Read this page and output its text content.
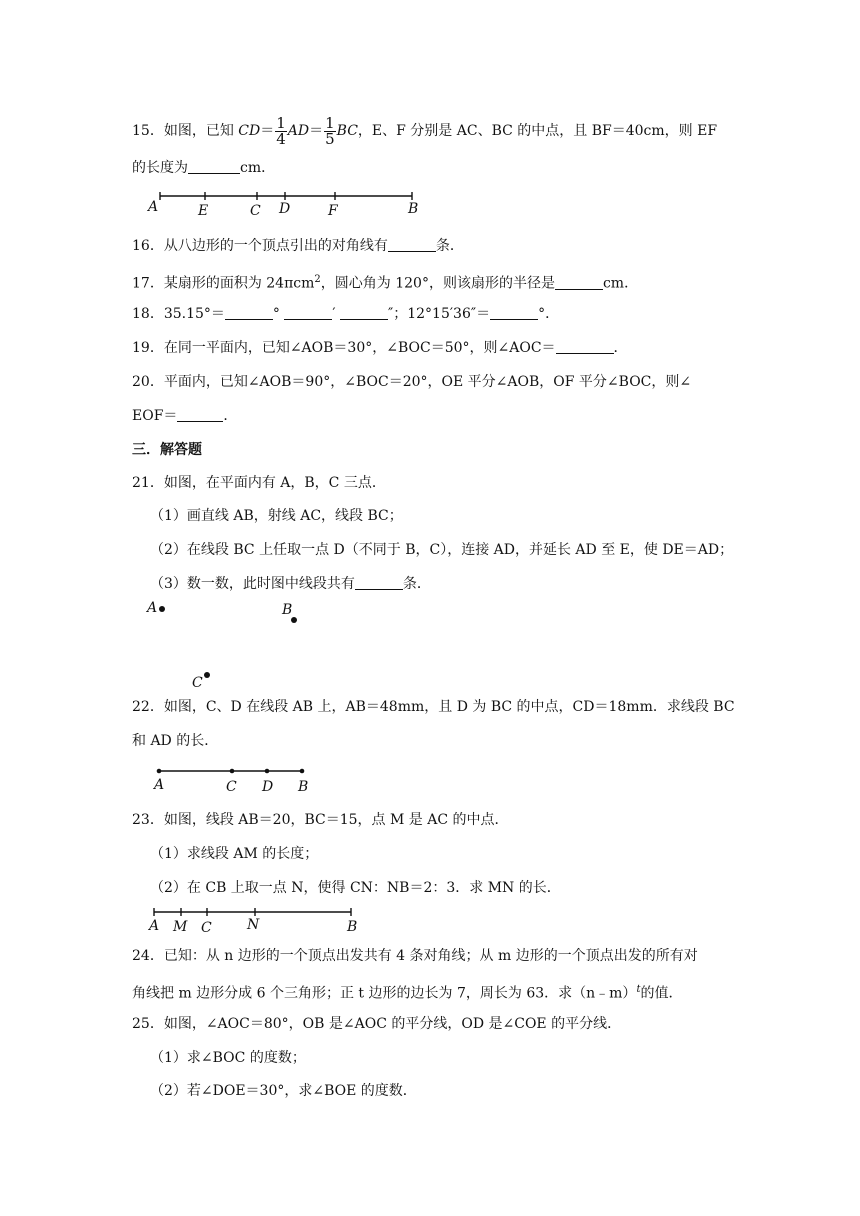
15．如图，已知 $CD= \frac{1}{4} AD= \frac{1}{5}$ BC，E、F 分别是 AC、BC 的中点，且 BF＝40cm，则 EF
的长度为	cm．
A	E	C D	F	B
16．从八边形的一个顶点引出的对角线有	条．
17．某扇形的面积为 24πcm$^2$，圆心角为 120°，则该扇形的半径是	cm．
18．35.15°＝	°	′	″；12°15′36″＝	°．
19．在同一平面内，已知∠AOB＝30°，∠BOC＝50°，则∠AOC＝	．
20．平面内，已知∠AOB＝90°，∠BOC＝20°，OE 平分∠AOB，OF 平分∠BOC，则∠
EOF＝	．
三．解答题
21．如图，在平面内有 A，B，C 三点．
（1）画直线 AB，射线 AC，线段 BC；
（2）在线段 BC 上任取一点 D（不同于 B，C），连接 AD，并延长 AD 至 E，使 DE＝AD；
（3）数一数，此时图中线段共有	条．
A	B
C
22．如图，C、D 在线段 AB 上，AB＝48mm，且 D 为 BC 的中点，CD＝18mm．求线段 BC
和 AD 的长．
A	C D B
23．如图，线段 AB＝20，BC＝15，点 M 是 AC 的中点．
（1）求线段 AM 的长度；
（2）在 CB 上取一点 N，使得 CN：NB＝2：3．求 MN 的长．
A M C	N	B
24．已知：从 n 边形的一个顶点出发共有 4 条对角线；从 m 边形的一个顶点出发的所有对
角线把 m 边形分成 6 个三角形；正 t 边形的边长为 7，周长为 63．求（n﹣m）$^t$的值．
25．如图，∠AOC＝80°，OB 是∠AOC 的平分线，OD 是∠COE 的平分线．
（1）求∠BOC 的度数；
（2）若∠DOE＝30°，求∠BOE 的度数．
